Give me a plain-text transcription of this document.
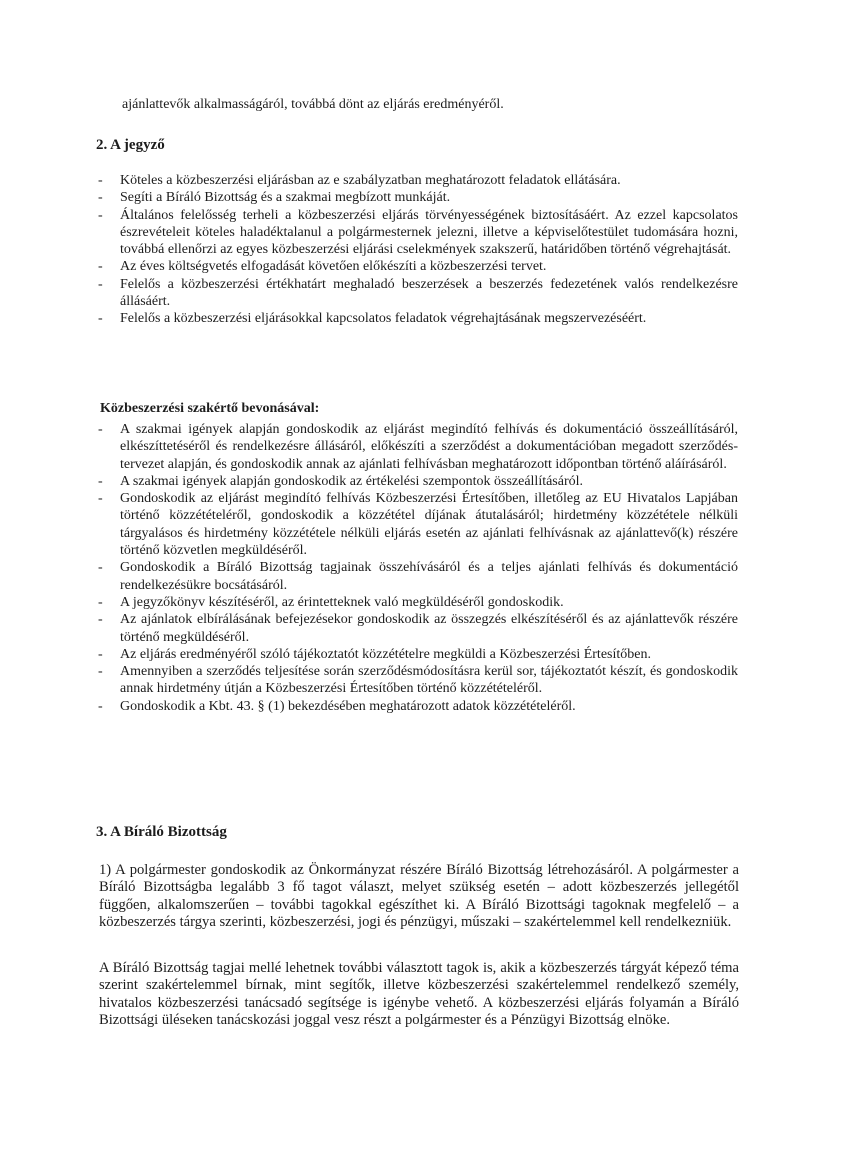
ajánlattevők alkalmasságáról, továbbá dönt az eljárás eredményéről.
2. A jegyző
- Köteles a közbeszerzési eljárásban az e szabályzatban meghatározott feladatok ellátására.
- Segíti a Bíráló Bizottság és a szakmai megbízott munkáját.
- Általános felelősség terheli a közbeszerzési eljárás törvényességének biztosításáért. Az ezzel kapcsolatos észrevételeit köteles haladéktalanul a polgármesternek jelezni, illetve a képviselőtestület tudomására hozni, továbbá ellenőrzi az egyes közbeszerzési eljárási cselekmények szakszerű, határidőben történő végrehajtását.
- Az éves költségvetés elfogadását követően előkészíti a közbeszerzési tervet.
- Felelős a közbeszerzési értékhatárt meghaladó beszerzések a beszerzés fedezetének valós rendelkezésre állásáért.
- Felelős a közbeszerzési eljárásokkal kapcsolatos feladatok végrehajtásának megszervezéséért.
Közbeszerzési szakértő bevonásával:
- A szakmai igények alapján gondoskodik az eljárást megindító felhívás és dokumentáció összeállításáról, elkészíttetéséről és rendelkezésre állásáról, előkészíti a szerződést a dokumentációban megadott szerződés- tervezet alapján, és gondoskodik annak az ajánlati felhívásban meghatározott időpontban történő aláírásáról.
- A szakmai igények alapján gondoskodik az értékelési szempontok összeállításáról.
- Gondoskodik az eljárást megindító felhívás Közbeszerzési Értesítőben, illetőleg az EU Hivatalos Lapjában történő közzétételéről, gondoskodik a közzététel díjának átutalásáról; hirdetmény közzététele nélküli tárgyalásos és hirdetmény közzététele nélküli eljárás esetén az ajánlati felhívásnak az ajánlattevő(k) részére történő közvetlen megküldéséről.
- Gondoskodik a Bíráló Bizottság tagjainak összehívásáról és a teljes ajánlati felhívás és dokumentáció rendelkezésükre bocsátásáról.
- A jegyzőkönyv készítéséről, az érintetteknek való megküldéséről gondoskodik.
- Az ajánlatok elbírálásának befejezésekor gondoskodik az összegzés elkészítéséről és az ajánlattevők részére történő megküldéséről.
- Az eljárás eredményéről szóló tájékoztatót közzétételre megküldi a Közbeszerzési Értesítőben.
- Amennyiben a szerződés teljesítése során szerződésmódosításra kerül sor, tájékoztatót készít, és gondoskodik annak hirdetmény útján a Közbeszerzési Értesítőben történő közzétételéről.
- Gondoskodik a Kbt. 43. § (1) bekezdésében meghatározott adatok közzétételéről.
3. A Bíráló Bizottság

1) A polgármester gondoskodik az Önkormányzat részére Bíráló Bizottság létrehozásáról. A polgármester a Bíráló Bizottságba legalább 3 fő tagot választ, melyet szükség esetén – adott közbeszerzés jellegétől függően, alkalomszerűen – további tagokkal egészíthet ki. A Bíráló Bizottsági tagoknak megfelelő – a közbeszerzés tárgya szerinti, közbeszerzési, jogi és pénzügyi, műszaki – szakértelemmel kell rendelkezniük.

A Bíráló Bizottság tagjai mellé lehetnek további választott tagok is, akik a közbeszerzés tárgyát képező téma szerint szakértelemmel bírnak, mint segítők, illetve közbeszerzési szakértelemmel rendelkező személy, hivatalos közbeszerzési tanácsadó segítsége is igénybe vehető. A közbeszerzési eljárás folyamán a Bíráló Bizottsági üléseken tanácskozási joggal vesz részt a polgármester és a Pénzügyi Bizottság elnöke.
